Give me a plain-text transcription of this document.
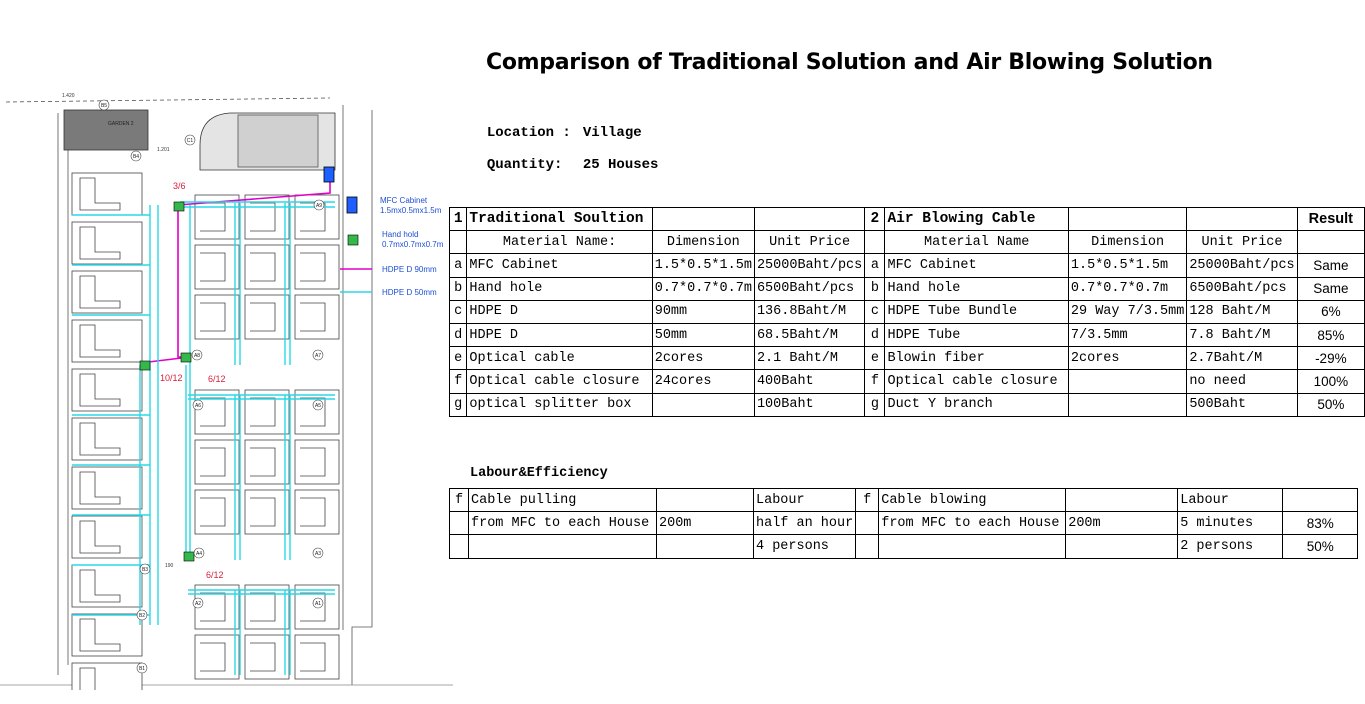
MFC Cabinet
1.5mx0.5mx1.5m
Hand hold
0.7mx0.7mx0.7m
HDPE D 90mm
HDPE D 50mm
3/6
10/12	6/12
6/12
GARDEN 2
1.420
1.201
190
B5
B4
B3
B2
B1
C1
A9
A8	A7
A6	A5
A4	A3
A2	A1
Comparison of Traditional Solution and Air Blowing Solution

Location : Village

Quantity: 25 Houses

1	Traditional Soultion			2	Air Blowing Cable			Result
	Material Name:	Dimension	Unit Price		Material Name	Dimension	Unit Price	
a	MFC Cabinet	1.5*0.5*1.5m	25000Baht/pcs	a	MFC Cabinet	1.5*0.5*1.5m	25000Baht/pcs	Same
b	Hand hole	0.7*0.7*0.7m	6500Baht/pcs	b	Hand hole	0.7*0.7*0.7m	6500Baht/pcs	Same
c	HDPE D	90mm	136.8Baht/M	c	HDPE Tube Bundle	29 Way 7/3.5mm	128 Baht/M	6%
d	HDPE D	50mm	68.5Baht/M	d	HDPE Tube	7/3.5mm	7.8 Baht/M	85%
e	Optical cable	2cores	2.1 Baht/M	e	Blowin fiber	2cores	2.7Baht/M	-29%
f	Optical cable closure	24cores	400Baht	f	Optical cable closure		no need	100%
g	optical splitter box		100Baht	g	Duct Y branch		500Baht	50%
Labour&Efficiency
f	Cable pulling		Labour	f	Cable blowing		Labour	
	from MFC to each House	200m	half an hour		from MFC to each House	200m	5 minutes	83%
			4 persons				2 persons	50%
